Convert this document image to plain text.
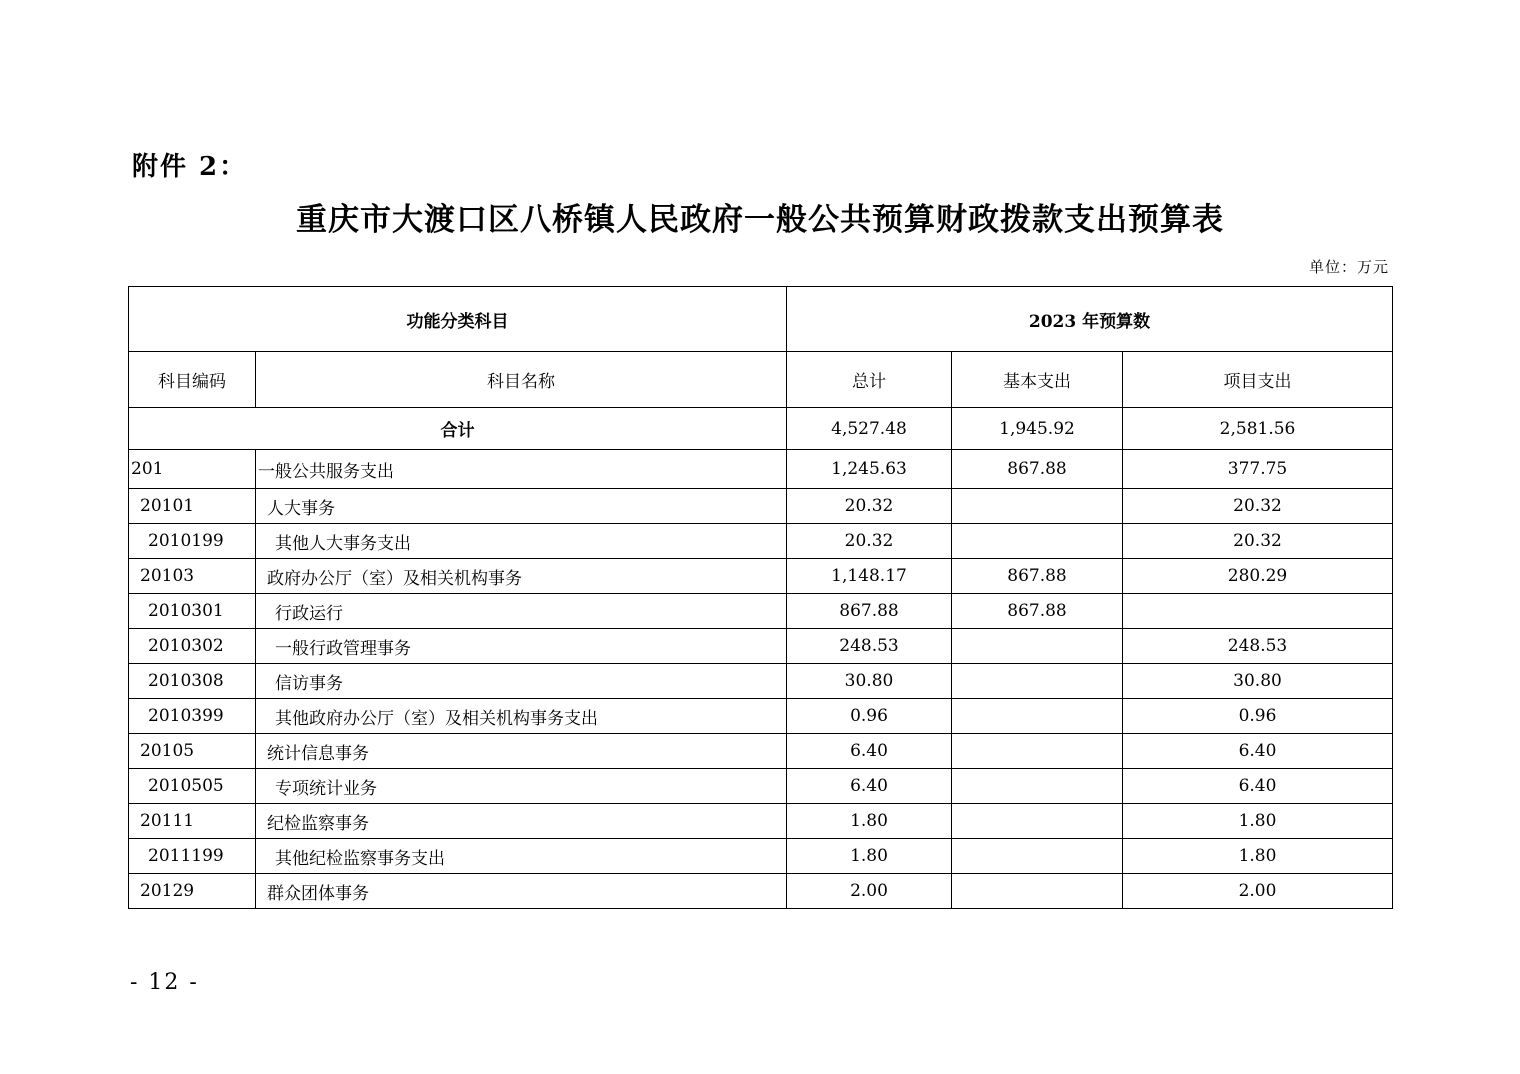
附件 2：
重庆市大渡口区八桥镇人民政府一般公共预算财政拨款支出预算表
单位：万元
功能分类科目		2023 年预算数		
科目编码	科目名称	总计	基本支出	项目支出
合计		4,527.48	1,945.92	2,581.56
201	一般公共服务支出	1,245.63	867.88	377.75
20101	人大事务	20.32		20.32
2010199	其他人大事务支出	20.32		20.32
20103	政府办公厅（室）及相关机构事务	1,148.17	867.88	280.29
2010301	行政运行	867.88	867.88	
2010302	一般行政管理事务	248.53		248.53
2010308	信访事务	30.80		30.80
2010399	其他政府办公厅（室）及相关机构事务支出	0.96		0.96
20105	统计信息事务	6.40		6.40
2010505	专项统计业务	6.40		6.40
20111	纪检监察事务	1.80		1.80
2011199	其他纪检监察事务支出	1.80		1.80
20129	群众团体事务	2.00		2.00
- 12 -
